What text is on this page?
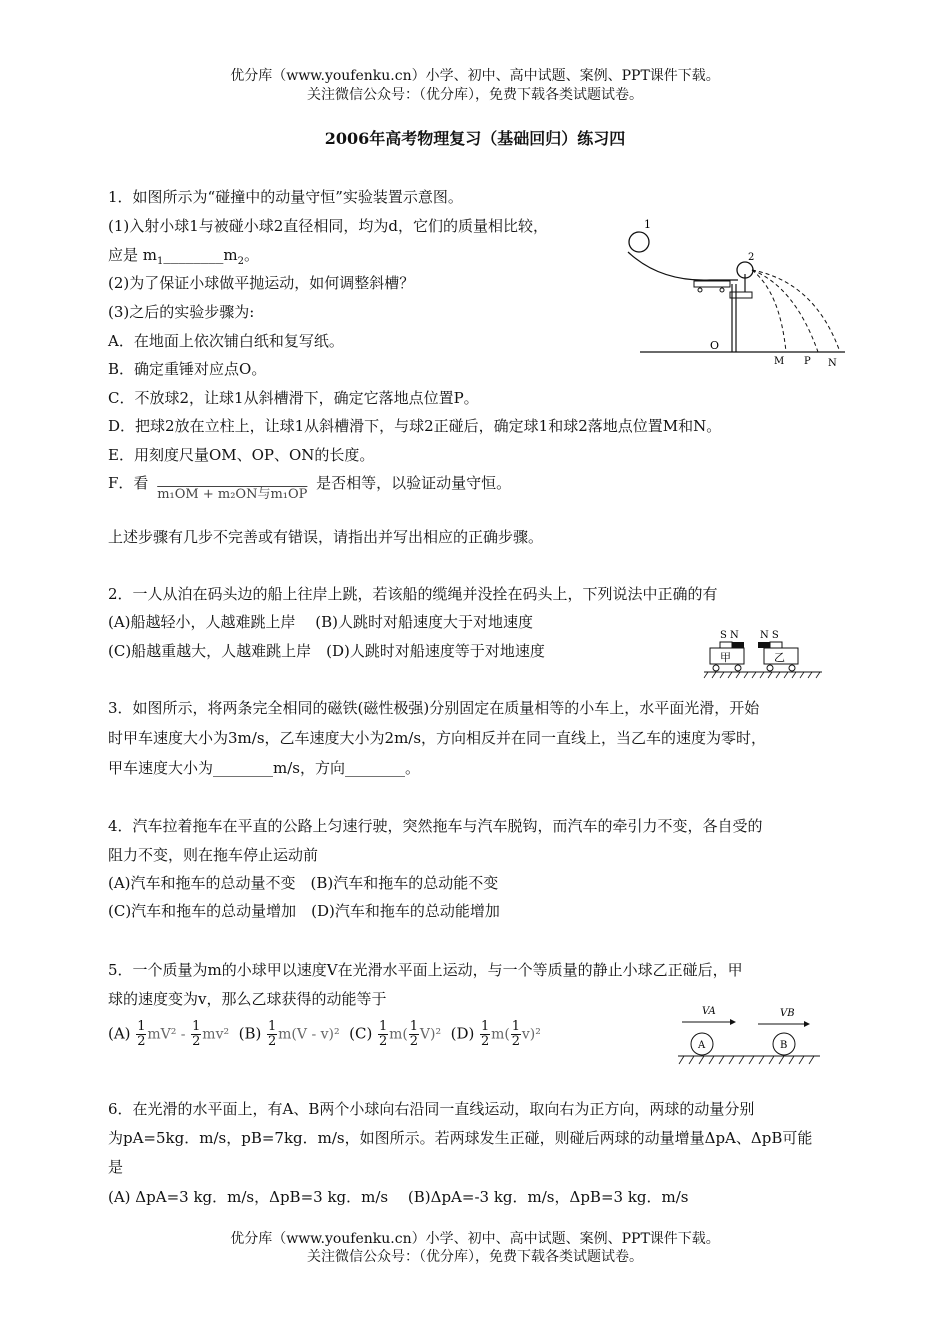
优分库（www.youfenku.cn）小学、初中、高中试题、案例、PPT课件下载。
关注微信公众号：（优分库），免费下载各类试题试卷。
2006年高考物理复习（基础回归）练习四
1．如图所示为“碰撞中的动量守恒”实验装置示意图。
(1)入射小球1与被碰小球2直径相同，均为d，它们的质量相比较，
应是 $m_1\_\_\_\_\_\_\_\_m_2$。
(2)为了保证小球做平抛运动，如何调整斜槽？
(3)之后的实验步骤为:
A．在地面上依次铺白纸和复写纸。
B．确定重锤对应点O。
C．不放球2，让球1从斜槽滑下，确定它落地点位置P。
D．把球2放在立柱上，让球1从斜槽滑下，与球2正碰后，确定球1和球2落地点位置M和N。
E．用刻度尺量OM、OP、ON的长度。
F．看 m₁OM + m₂ON与m₁OP 是否相等，以验证动量守恒。
上述步骤有几步不完善或有错误，请指出并写出相应的正确步骤。
1
2
O
M P N
2．一人从泊在码头边的船上往岸上跳，若该船的缆绳并没拴在码头上，下列说法中正确的有
(A)船越轻小，人越难跳上岸　 (B)人跳时对船速度大于对地速度
(C)船越重越大，人越难跳上岸　(D)人跳时对船速度等于对地速度
S N N S
甲	乙
3．如图所示，将两条完全相同的磁铁(磁性极强)分别固定在质量相等的小车上，水平面光滑，开始
时甲车速度大小为3m/s，乙车速度大小为2m/s，方向相反并在同一直线上，当乙车的速度为零时，
甲车速度大小为________m/s，方向________。
4．汽车拉着拖车在平直的公路上匀速行驶，突然拖车与汽车脱钩，而汽车的牵引力不变，各自受的
阻力不变，则在拖车停止运动前
(A)汽车和拖车的总动量不变　(B)汽车和拖车的总动能不变
(C)汽车和拖车的总动量增加　(D)汽车和拖车的总动能增加
5．一个质量为m的小球甲以速度V在光滑水平面上运动，与一个等质量的静止小球乙正碰后，甲
球的速度变为v，那么乙球获得的动能等于
$(A) \frac{1}{2} mV^2 - \frac{1}{2} mv^2$ $(B) \frac{1}{2} m(V - v)^2$ $(C) \frac{1}{2} m( \frac{1}{2} V)^2$ $(D) \frac{1}{2} m( \frac{1}{2} v)^2$
VA	VB
A	B
6．在光滑的水平面上，有A、B两个小球向右沿同一直线运动，取向右为正方向，两球的动量分别
为pA=5kg．m/s，pB=7kg．m/s，如图所示。若两球发生正碰，则碰后两球的动量增量ΔpA、ΔpB可能
是
(A) ΔpA=3 kg．m/s，ΔpB=3 kg．m/s　 (B)ΔpA=-3 kg．m/s，ΔpB=3 kg．m/s
优分库（www.youfenku.cn）小学、初中、高中试题、案例、PPT课件下载。
关注微信公众号：（优分库），免费下载各类试题试卷。
